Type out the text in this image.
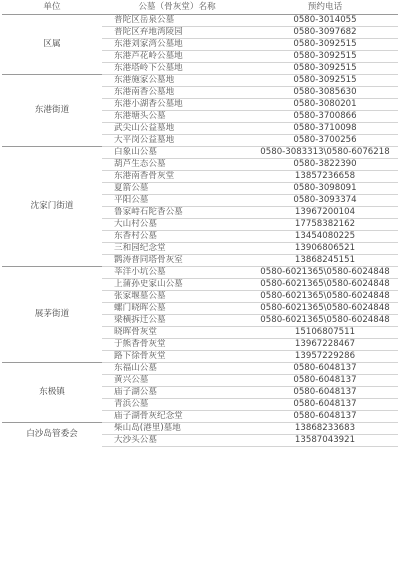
单位	公墓（骨灰堂）名称	预约电话
区属	普陀区岳泉公墓	0580-3014055
	普陀区弃地湾陵园	0580-3097682
	东港刘家湾公墓地	0580-3092515
	东港芦花岭公墓地	0580-3092515
	东港塔岭下公墓地	0580-3092515
东港街道	东港施家公墓地	0580-3092515
	东港南香公墓地	0580-3085630
	东港小湖香公墓地	0580-3080201
	东港塘头公墓	0580-3700866
	武尖山公益墓地	0580-3710098
	大平岗公益墓地	0580-3700256
沈家门街道	白象山公墓	0580-3083313\0580-6076218
	葫芦生态公墓	0580-3822390
	东港南香骨灰堂	13857236658
	夏箭公墓	0580-3098091
	平阳公墓	0580-3093374
	鲁家峙石陀香公墓	13967200104
	大山村公墓	17758382162
	东香村公墓	13454080225
	三和园纪念堂	13906806521
	鹮涛普同塔骨灰室	13868245151
展茅街道	莘洋小坑公墓	0580-6021365\0580-6024848
	上蒲孙史家山公墓	0580-6021365\0580-6024848
	张家堰墓公墓	0580-6021365\0580-6024848
	螺门晓晖公墓	0580-6021365\0580-6024848
	梁横拆迁公墓	0580-6021365\0580-6024848
	晓晖骨灰堂	15106807511
	于熊香骨灰堂	13967228467
	路下徐骨灰堂	13957229286
东极镇	东福山公墓	0580-6048137
	黄兴公墓	0580-6048137
	庙子湖公墓	0580-6048137
	青浜公墓	0580-6048137
	庙子湖骨灰纪念堂	0580-6048137
白沙岛管委会	柴山岛(港里)墓地	13868233683
	大沙头公墓	13587043921
